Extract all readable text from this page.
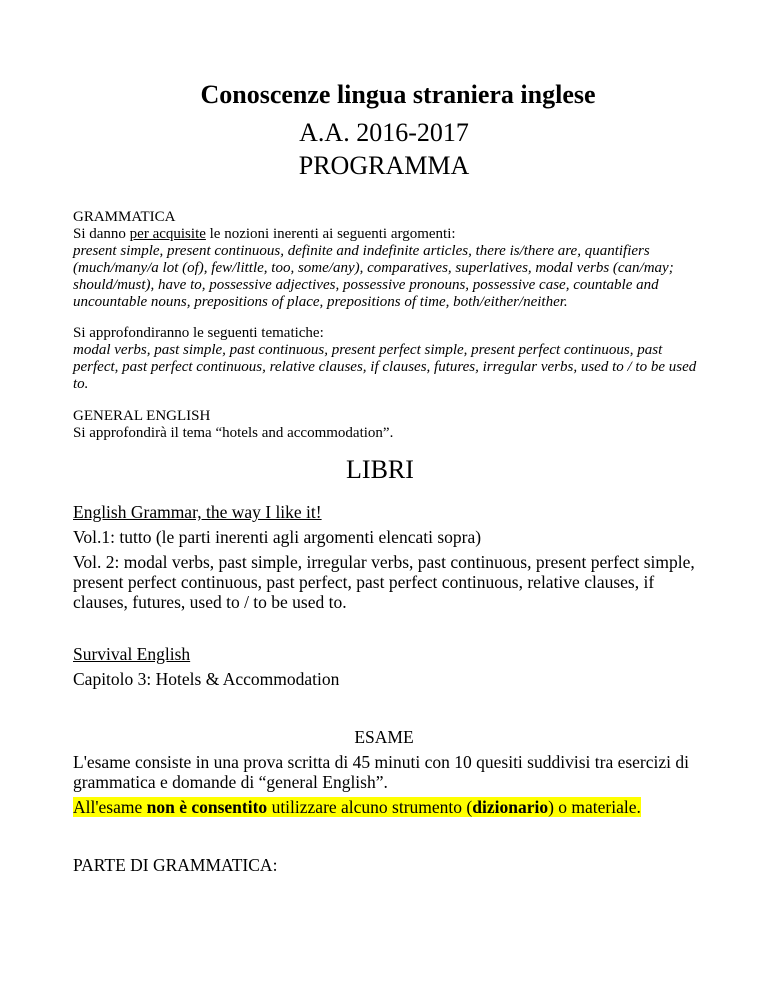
Conoscenze lingua straniera inglese
A.A. 2016-2017
PROGRAMMA
GRAMMATICA
Si danno per acquisite le nozioni inerenti ai seguenti argomenti:
present simple, present continuous, definite and indefinite articles, there is/there are, quantifiers (much/many/a lot (of), few/little, too, some/any), comparatives, superlatives, modal verbs (can/may; should/must), have to, possessive adjectives, possessive pronouns, possessive case, countable and uncountable nouns, prepositions of place, prepositions of time, both/either/neither.
Si approfondiranno le seguenti tematiche:
modal verbs, past simple, past continuous, present perfect simple, present perfect continuous, past perfect, past perfect continuous, relative clauses, if clauses, futures, irregular verbs, used to / to be used to.
GENERAL ENGLISH
Si approfondirà il tema “hotels and accommodation”.
LIBRI
English Grammar, the way I like it!
Vol.1: tutto (le parti inerenti agli argomenti elencati sopra)
Vol. 2: modal verbs, past simple, irregular verbs, past continuous, present perfect simple, present perfect continuous, past perfect, past perfect continuous, relative clauses, if clauses, futures, used to / to be used to.
Survival English
Capitolo 3: Hotels & Accommodation
ESAME
L'esame consiste in una prova scritta di 45 minuti con 10 quesiti suddivisi tra esercizi di grammatica e domande di “general English”.
All'esame non è consentito utilizzare alcuno strumento (dizionario) o materiale.
PARTE DI GRAMMATICA:
